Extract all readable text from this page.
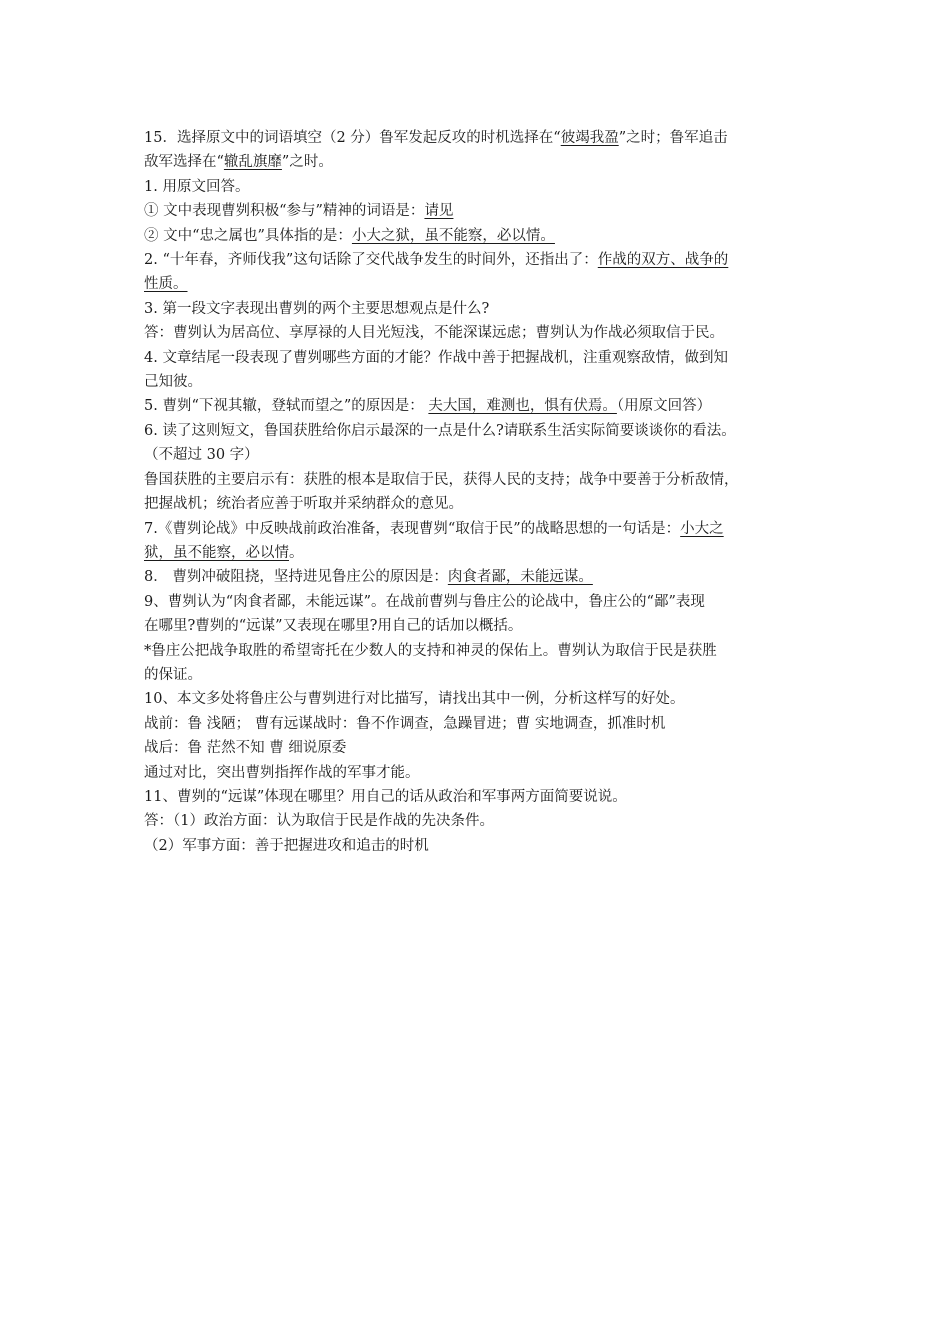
15．选择原文中的词语填空（2 分）鲁军发起反攻的时机选择在“彼竭我盈”之时；鲁军追击
敌军选择在“辙乱旗靡”之时。
1. 用原文回答。
① 文中表现曹刿积极“参与”精神的词语是：请见
② 文中“忠之属也”具体指的是：小大之狱，虽不能察，必以情。
2. “十年春，齐师伐我”这句话除了交代战争发生的时间外，还指出了：作战的双方、战争的
性质。
3. 第一段文字表现出曹刿的两个主要思想观点是什么?
答：曹刿认为居高位、享厚禄的人目光短浅，不能深谋远虑；曹刿认为作战必须取信于民。
4. 文章结尾一段表现了曹刿哪些方面的才能？作战中善于把握战机，注重观察敌情，做到知
己知彼。
5. 曹刿“下视其辙，登轼而望之”的原因是： 夫大国，难测也，惧有伏焉。（用原文回答）
6. 读了这则短文，鲁国获胜给你启示最深的一点是什么?请联系生活实际简要谈谈你的看法。
（不超过 30 字）
鲁国获胜的主要启示有：获胜的根本是取信于民，获得人民的支持；战争中要善于分析敌情，
把握战机；统治者应善于听取并采纳群众的意见。
7.《曹刿论战》中反映战前政治准备，表现曹刿“取信于民”的战略思想的一句话是：小大之
狱，虽不能察，必以情。
8． 曹刿冲破阻挠，坚持进见鲁庄公的原因是：肉食者鄙，未能远谋。
9、曹刿认为“肉食者鄙，未能远谋”。在战前曹刿与鲁庄公的论战中，鲁庄公的“鄙”表现
在哪里?曹刿的“远谋”又表现在哪里?用自己的话加以概括。
*鲁庄公把战争取胜的希望寄托在少数人的支持和神灵的保佑上。曹刿认为取信于民是获胜
的保证。
10、本文多处将鲁庄公与曹刿进行对比描写，请找出其中一例，分析这样写的好处。
战前：鲁 浅陋； 曹有远谋战时：鲁不作调查，急躁冒进；曹 实地调查，抓准时机
战后：鲁 茫然不知 曹 细说原委
通过对比，突出曹刿指挥作战的军事才能。
11、曹刿的“远谋”体现在哪里？用自己的话从政治和军事两方面简要说说。
答：（1）政治方面：认为取信于民是作战的先决条件。
（2）军事方面：善于把握进攻和追击的时机
